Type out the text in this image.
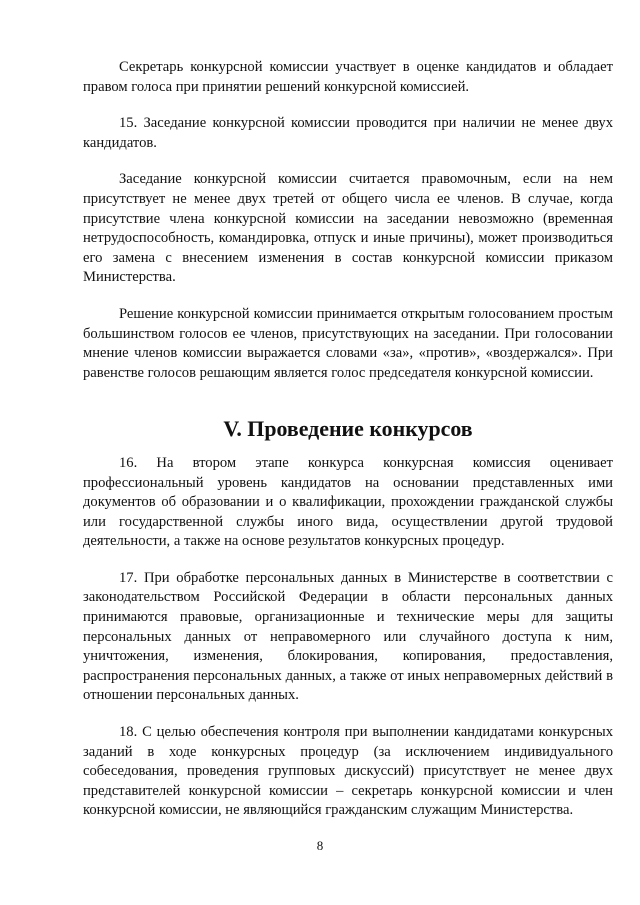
Секретарь конкурсной комиссии участвует в оценке кандидатов и обладает правом голоса при принятии решений конкурсной комиссией.

15. Заседание конкурсной комиссии проводится при наличии не менее двух кандидатов.

Заседание конкурсной комиссии считается правомочным, если на нем присутствует не менее двух третей от общего числа ее членов. В случае, когда присутствие члена конкурсной комиссии на заседании невозможно (временная нетрудоспособность, командировка, отпуск и иные причины), может производиться его замена с внесением изменения в состав конкурсной комиссии приказом Министерства.

Решение конкурсной комиссии принимается открытым голосованием простым большинством голосов ее членов, присутствующих на заседании. При голосовании мнение членов комиссии выражается словами «за», «против», «воздержался». При равенстве голосов решающим является голос председателя конкурсной комиссии.

V. Проведение конкурсов

16. На втором этапе конкурса конкурсная комиссия оценивает профессиональный уровень кандидатов на основании представленных ими документов об образовании и о квалификации, прохождении гражданской службы или государственной службы иного вида, осуществлении другой трудовой деятельности, а также на основе результатов конкурсных процедур.

17. При обработке персональных данных в Министерстве в соответствии с законодательством Российской Федерации в области персональных данных принимаются правовые, организационные и технические меры для защиты персональных данных от неправомерного или случайного доступа к ним, уничтожения, изменения, блокирования, копирования, предоставления, распространения персональных данных, а также от иных неправомерных действий в отношении персональных данных.

18. С целью обеспечения контроля при выполнении кандидатами конкурсных заданий в ходе конкурсных процедур (за исключением индивидуального собеседования, проведения групповых дискуссий) присутствует не менее двух представителей конкурсной комиссии – секретарь конкурсной комиссии и член конкурсной комиссии, не являющийся гражданским служащим Министерства.

8
